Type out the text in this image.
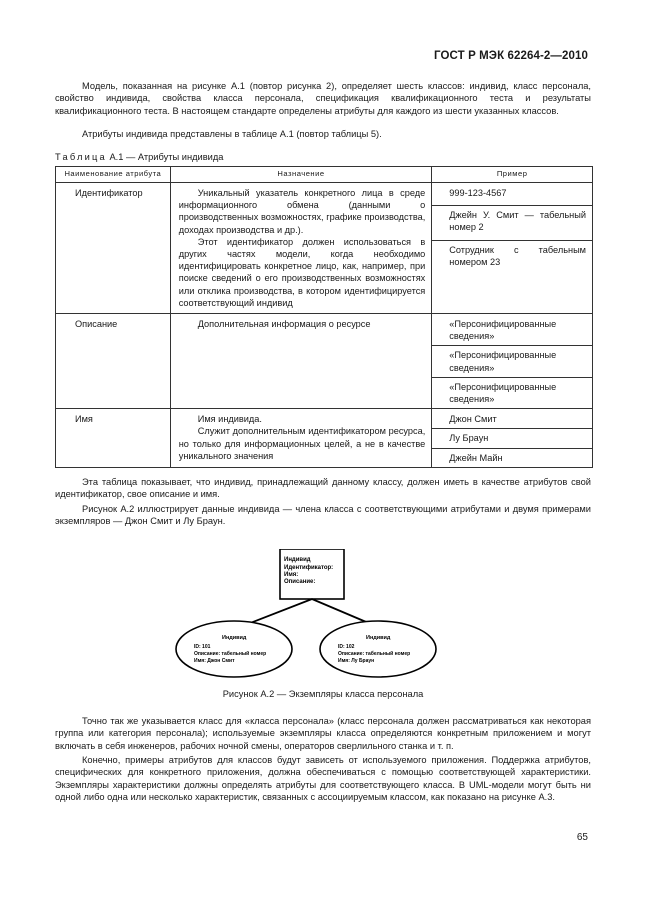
ГОСТ Р МЭК 62264-2—2010
Модель, показанная на рисунке А.1 (повтор рисунка 2), определяет шесть классов: индивид, класс персонала, свойство индивида, свойства класса персонала, спецификация квалификационного теста и результаты квалификационного теста. В настоящем стандарте определены атрибуты для каждого из шести указанных классов.
Атрибуты индивида представлены в таблице А.1 (повтор таблицы 5).
Таблица А.1 — Атрибуты индивида
Наименование атрибута	Назначение	Пример
Идентификатор	Уникальный указатель конкретного лица в среде информационного обмена (данными о производственных возможностях, графике производства, доходах производства и др.).

Этот идентификатор должен использоваться в других частях модели, когда необходимо идентифицировать конкретное лицо, как, например, при поиске сведений о его производственных возможностях или отклика производства, в котором идентифицируется соответствующий индивид	999-123-4567
		Джейн У. Смит — табельный номер 2
		Сотрудник с табельным номером 23
Описание	Дополнительная информация о ресурсе	«Персонифицированные сведения»
		«Персонифицированные сведения»
		«Персонифицированные сведения»
Имя	Имя индивида.

Служит дополнительным идентификатором ресурса, но только для информационных целей, а не в качестве уникального значения	Джон Смит
		Лу Браун
		Джейн Майн
Эта таблица показывает, что индивид, принадлежащий данному классу, должен иметь в качестве атрибутов свой идентификатор, свое описание и имя.
Рисунок А.2 иллюстрирует данные индивида — члена класса с соответствующими атрибутами и двумя примерами экземпляров — Джон Смит и Лу Браун.
Индивид
Идентификатор:
Имя:
Описание:
Индивид
ID: 101
Описание: табельный номер
Имя: Джон Смит
Индивид
ID: 102
Описание: табельный номер
Имя: Лу Браун
Рисунок А.2 — Экземпляры класса персонала
Точно так же указывается класс для «класса персонала» (класс персонала должен рассматриваться как некоторая группа или категория персонала); используемые экземпляры класса определяются конкретным приложением и могут включать в себя инженеров, рабочих ночной смены, операторов сверлильного станка и т. п.
Конечно, примеры атрибутов для классов будут зависеть от используемого приложения. Поддержка атрибутов, специфических для конкретного приложения, должна обеспечиваться с помощью соответствующей характеристики. Экземпляры характеристики должны определять атрибуты для соответствующего класса. В UML-модели могут быть ни одной либо одна или несколько характеристик, связанных с ассоциируемым классом, как показано на рисунке А.3.
65
